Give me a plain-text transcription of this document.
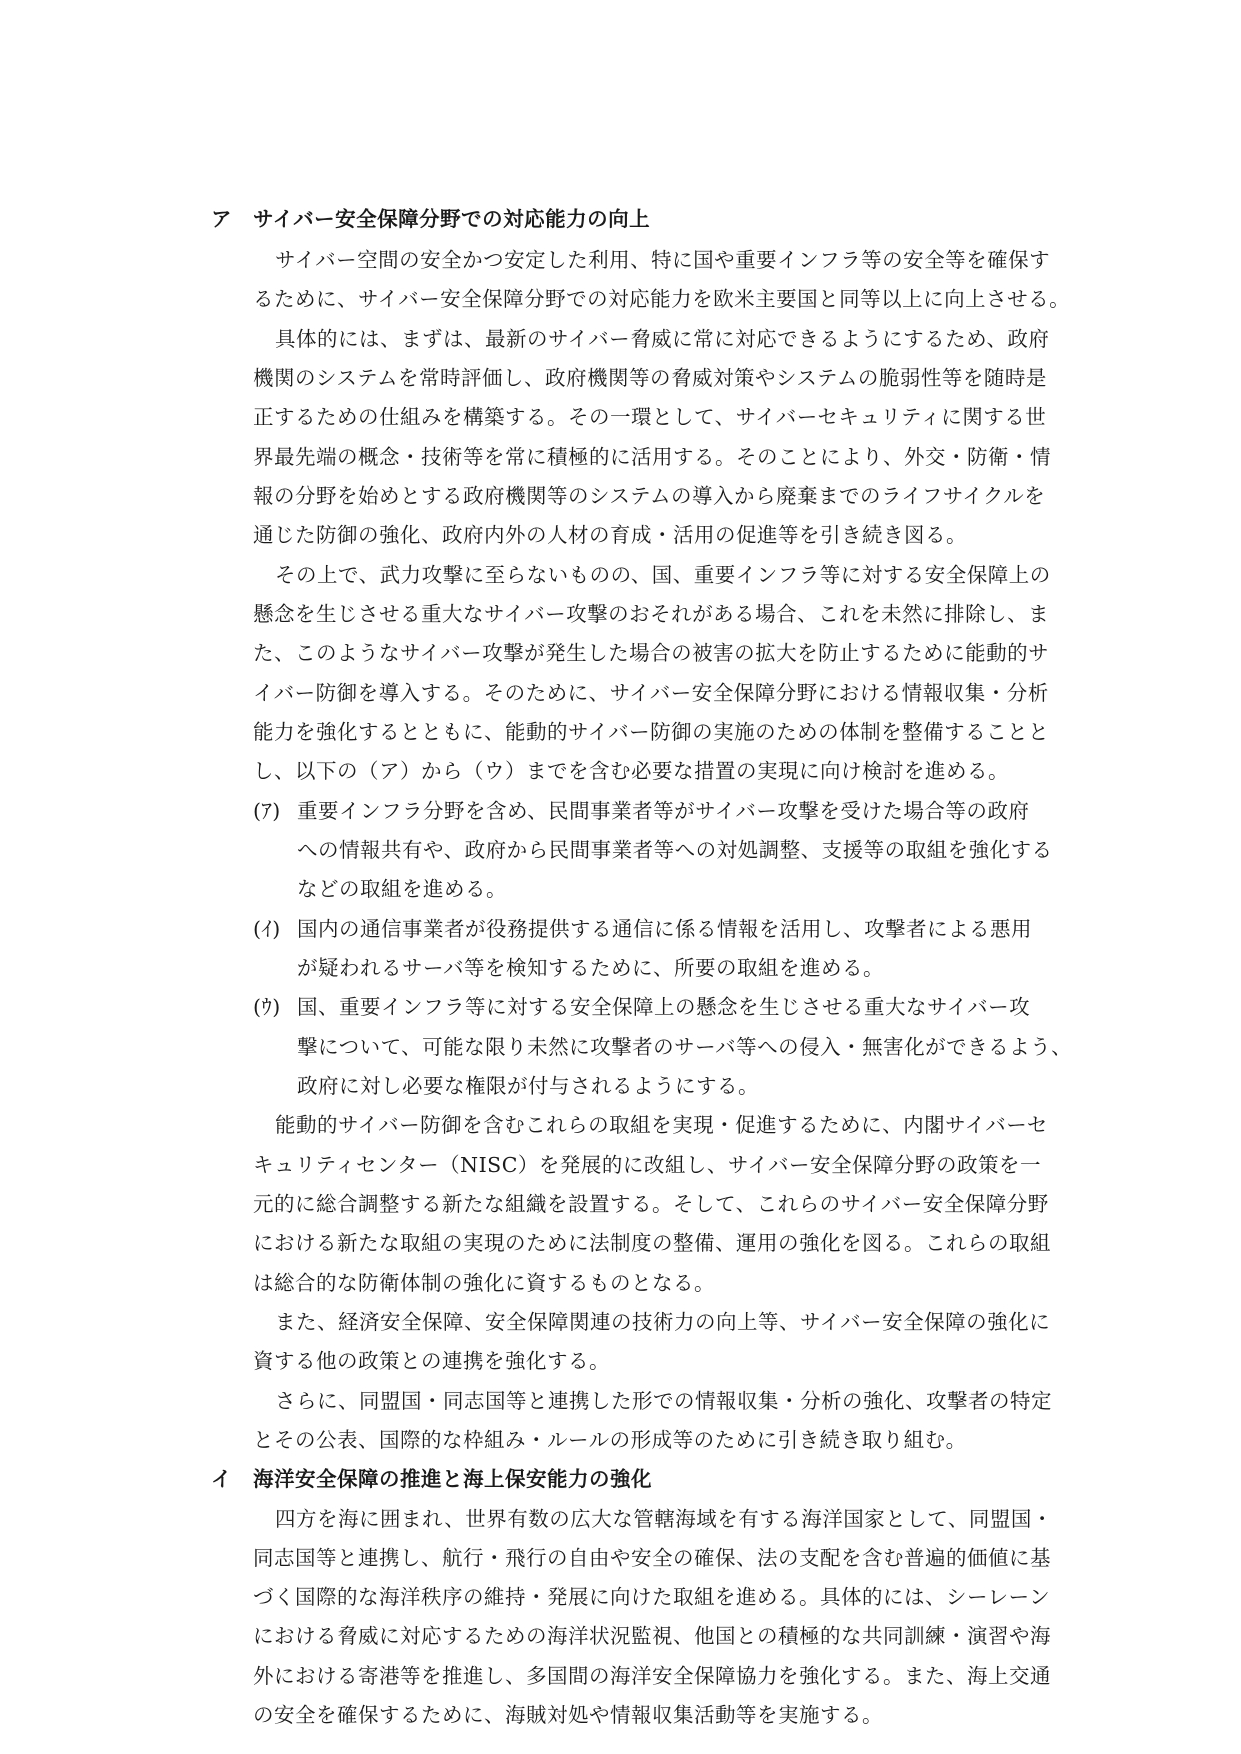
ア サイバー安全保障分野での対応能力の向上
サイバー空間の安全かつ安定した利用、特に国や重要インフラ等の安全等を確保す
るために、サイバー安全保障分野での対応能力を欧米主要国と同等以上に向上させる。
具体的には、まずは、最新のサイバー脅威に常に対応できるようにするため、政府
機関のシステムを常時評価し、政府機関等の脅威対策やシステムの脆弱性等を随時是
正するための仕組みを構築する。その一環として、サイバーセキュリティに関する世
界最先端の概念・技術等を常に積極的に活用する。そのことにより、外交・防衛・情
報の分野を始めとする政府機関等のシステムの導入から廃棄までのライフサイクルを
通じた防御の強化、政府内外の人材の育成・活用の促進等を引き続き図る。
その上で、武力攻撃に至らないものの、国、重要インフラ等に対する安全保障上の
懸念を生じさせる重大なサイバー攻撃のおそれがある場合、これを未然に排除し、ま
た、このようなサイバー攻撃が発生した場合の被害の拡大を防止するために能動的サ
イバー防御を導入する。そのために、サイバー安全保障分野における情報収集・分析
能力を強化するとともに、能動的サイバー防御の実施のための体制を整備することと
し、以下の（ア）から（ウ）までを含む必要な措置の実現に向け検討を進める。
(ｱ) 重要インフラ分野を含め、民間事業者等がサイバー攻撃を受けた場合等の政府
への情報共有や、政府から民間事業者等への対処調整、支援等の取組を強化する
などの取組を進める。
(ｲ) 国内の通信事業者が役務提供する通信に係る情報を活用し、攻撃者による悪用
が疑われるサーバ等を検知するために、所要の取組を進める。
(ｳ) 国、重要インフラ等に対する安全保障上の懸念を生じさせる重大なサイバー攻
撃について、可能な限り未然に攻撃者のサーバ等への侵入・無害化ができるよう、
政府に対し必要な権限が付与されるようにする。
能動的サイバー防御を含むこれらの取組を実現・促進するために、内閣サイバーセ
キュリティセンター（NISC）を発展的に改組し、サイバー安全保障分野の政策を一
元的に総合調整する新たな組織を設置する。そして、これらのサイバー安全保障分野
における新たな取組の実現のために法制度の整備、運用の強化を図る。これらの取組
は総合的な防衛体制の強化に資するものとなる。
また、経済安全保障、安全保障関連の技術力の向上等、サイバー安全保障の強化に
資する他の政策との連携を強化する。
さらに、同盟国・同志国等と連携した形での情報収集・分析の強化、攻撃者の特定
とその公表、国際的な枠組み・ルールの形成等のために引き続き取り組む。
イ 海洋安全保障の推進と海上保安能力の強化
四方を海に囲まれ、世界有数の広大な管轄海域を有する海洋国家として、同盟国・
同志国等と連携し、航行・飛行の自由や安全の確保、法の支配を含む普遍的価値に基
づく国際的な海洋秩序の維持・発展に向けた取組を進める。具体的には、シーレーン
における脅威に対応するための海洋状況監視、他国との積極的な共同訓練・演習や海
外における寄港等を推進し、多国間の海洋安全保障協力を強化する。また、海上交通
の安全を確保するために、海賊対処や情報収集活動等を実施する。
